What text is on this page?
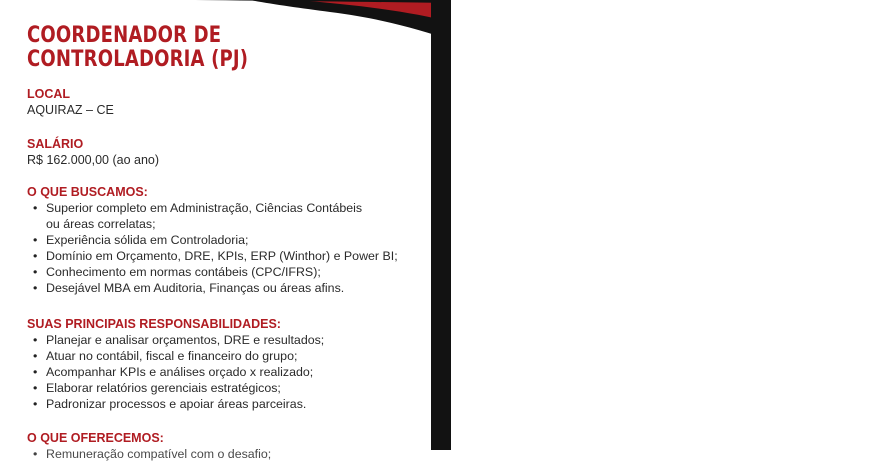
e • Mão na Massa • Comprometimento • Visão de Dono • Respeito • Emp
COORDENADOR DE
CONTROLADORIA (PJ)

LOCAL

AQUIRAZ – CE

SALÁRIO

R$ 162.000,00 (ao ano)

O QUE BUSCAMOS:

• Superior completo em Administração, Ciências Contábeis
ou áreas correlatas;
• Experiência sólida em Controladoria;
• Domínio em Orçamento, DRE, KPIs, ERP (Winthor) e Power BI;
• Conhecimento em normas contábeis (CPC/IFRS);
• Desejável MBA em Auditoria, Finanças ou áreas afins.

SUAS PRINCIPAIS RESPONSABILIDADES:

• Planejar e analisar orçamentos, DRE e resultados;
• Atuar no contábil, fiscal e financeiro do grupo;
• Acompanhar KPIs e análises orçado x realizado;
• Elaborar relatórios gerenciais estratégicos;
• Padronizar processos e apoiar áreas parceiras.

O QUE OFERECEMOS:

• Remuneração compatível com o desafio;
